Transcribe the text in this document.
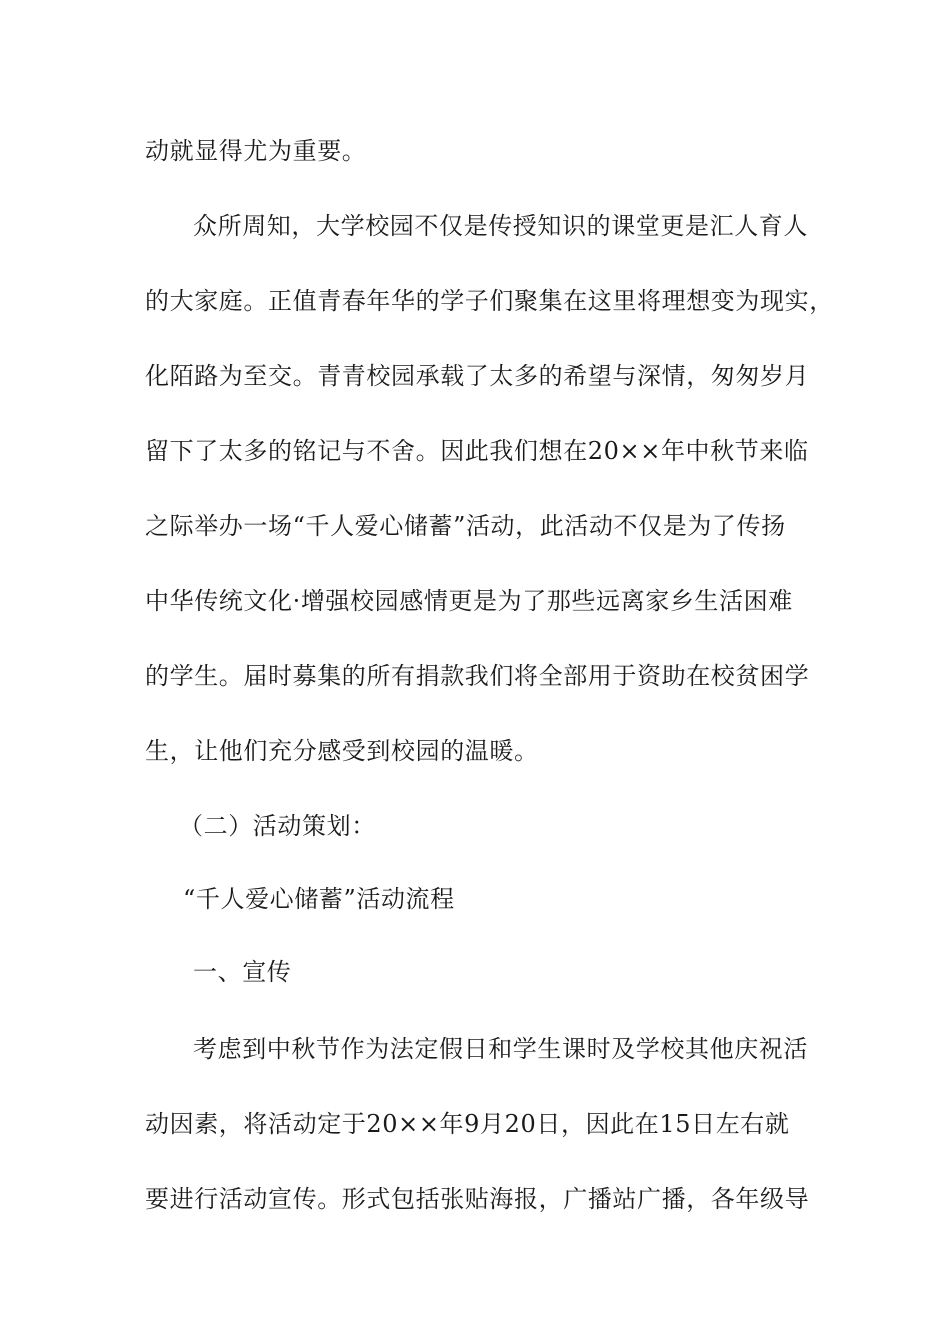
动就显得尤为重要。

众所周知，大学校园不仅是传授知识的课堂更是汇人育人

的大家庭。正值青春年华的学子们聚集在这里将理想变为现实，

化陌路为至交。青青校园承载了太多的希望与深情，匆匆岁月

留下了太多的铭记与不舍。因此我们想在20××年中秋节来临

之际举办一场“千人爱心储蓄”活动，此活动不仅是为了传扬

中华传统文化·增强校园感情更是为了那些远离家乡生活困难

的学生。届时募集的所有捐款我们将全部用于资助在校贫困学

生，让他们充分感受到校园的温暖。

（二）活动策划：

“千人爱心储蓄”活动流程

一、宣传

考虑到中秋节作为法定假日和学生课时及学校其他庆祝活

动因素，将活动定于20××年9月20日，因此在15日左右就

要进行活动宣传。形式包括张贴海报，广播站广播，各年级导
